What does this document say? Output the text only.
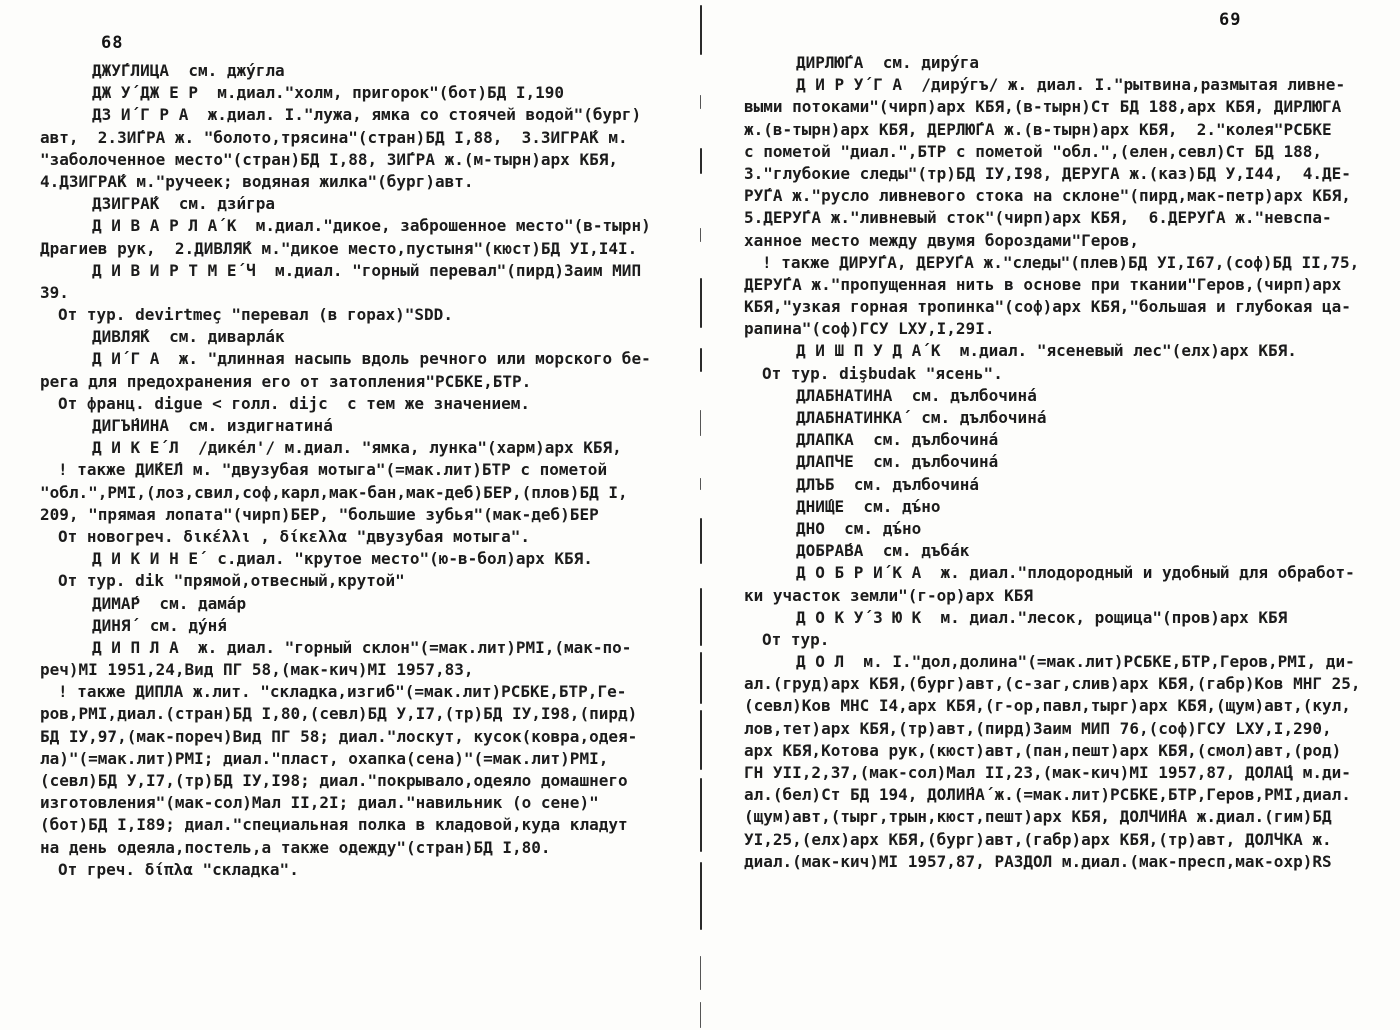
68
ДЖУ́ГЛИЦА  см. джу́гла
ДЖ У́ ДЖ Е Р  м.диал."холм, пригорок"(бот)БД I,190
ДЗ И́ Г Р А  ж.диал. I."лужа, ямка со стоячей водой"(бург)
авт,  2.ЗИ́ГРА ж. "болото,трясина"(стран)БД I,88,  3.ЗИГРА́К м.
"заболоченное место"(стран)БД I,88, ЗИ́ГРА ж.(м-тырн)арх КБЯ,
4.ДЗИГРА́К м."ручеек; водяная жилка"(бург)авт.
ДЗИГРА́К  см. дзи́гра
Д И В А Р Л А́ К  м.диал."дикое, заброшенное место"(в-тырн)
Драгиев рук,  2.ДИВЛЯ́К м."дикое место,пустыня"(кюст)БД УI,I4I.
Д И В И Р Т М Е́ Ч  м.диал. "горный перевал"(пирд)Заим МИП
39.
От тур. devirtmeç "перевал (в горах)"SDD.
ДИВЛЯ́К  см. диварла́к
Д И́ Г А  ж. "длинная насыпь вдоль речного или морского бе-
рега для предохранения его от затопления"РСБКЕ,БТР.
От франц. digue < голл. dijc  с тем же значением.
ДИГЪ́НИНА  см. издигнатина́
Д И К Е́ Л  /дике́л'/ м.диал. "ямка, лунка"(харм)арх КБЯ,
! также ДИ́КЕ́Л м. "двузубая мотыга"(=мак.лит)БТР с пометой
"обл.",РМI,(лоз,свил,соф,карл,мак-бан,мак-деб)БЕР,(плов)БД I,
209, "прямая лопата"(чирп)БЕР, "большие зубья"(мак-деб)БЕР
От новогреч. δικέλλι , δίκελλα "двузубая мотыга".
Д И К И Н Е́  с.диал. "крутое место"(ю-в-бол)арх КБЯ.
От тур. dik "прямой,отвесный,крутой"
ДИМА́Р  см. дама́р
ДИНЯ́  см. ду́ня́
Д И П Л А  ж. диал. "горный склон"(=мак.лит)РМI,(мак-по-
реч)МI 1951,24,Вид ПГ 58,(мак-кич)МI 1957,83,
! также ДИПЛА ж.лит. "складка,изгиб"(=мак.лит)РСБКЕ,БТР,Ге-
ров,РМI,диал.(стран)БД I,80,(севл)БД У,I7,(тр)БД IУ,I98,(пирд)
БД IУ,97,(мак-пореч)Вид ПГ 58; диал."лоскут, кусок(ковра,одея-
ла)"(=мак.лит)РМI; диал."пласт, охапка(сена)"(=мак.лит)РМI,
(севл)БД У,I7,(тр)БД IУ,I98; диал."покрывало,одеяло домашнего
изготовления"(мак-сол)Мал II,2I; диал."навильник (о сене)"
(бот)БД I,I89; диал."специальная полка в кладовой,куда кладут
на день одеяла,постель,а также одежду"(стран)БД I,80.
От греч. δίπλα "складка".
69
ДИРЛЮ́ГА  см. диру́га
Д И Р У́ Г А  /диру́гъ/ ж. диал. I."рытвина,размытая ливне-
выми потоками"(чирп)арх КБЯ,(в-тырн)Ст БД 188,арх КБЯ, ДИРЛЮГА
ж.(в-тырн)арх КБЯ, ДЕРЛЮ́ГА ж.(в-тырн)арх КБЯ,  2."колея"РСБКЕ
с пометой "диал.",БТР с пометой "обл.",(елен,севл)Ст БД 188,
3."глубокие следы"(тр)БД IУ,I98, ДЕРУГА ж.(каз)БД У,I44,  4.ДЕ-
РУ́ГА ж."русло ливневого стока на склоне"(пирд,мак-петр)арх КБЯ,
5.ДЕРУ́ГА ж."ливневый сток"(чирп)арх КБЯ,  6.ДЕРУ́ГА ж."невспа-
ханное место между двумя бороздами"Геров,
! также ДИРУ́ГА, ДЕРУ́ГА ж."следы"(плев)БД УI,I67,(соф)БД II,75,
ДЕРУ́ГА ж."пропущенная нить в основе при ткании"Геров,(чирп)арх
КБЯ,"узкая горная тропинка"(соф)арх КБЯ,"большая и глубокая ца-
рапина"(соф)ГСУ LXУ,I,29I.
Д И Ш П У Д А́ К  м.диал. "ясеневый лес"(елх)арх КБЯ.
От тур. dişbudak "ясень".
ДЛАБНАТИНА  см. дълбочина́
ДЛАБНАТИНКА́  см. дълбочина́
ДЛАПКА  см. дълбочина́
ДЛАПЧЕ  см. дълбочина́
ДЛЪБ  см. дълбочина́
ДНИ́ЩЕ  см. дъ́но
ДНО  см. дъ́но
ДОБРА́ВА  см. дъба́к
Д О Б Р И́ К А  ж. диал."плодородный и удобный для обработ-
ки участок земли"(г-ор)арх КБЯ
Д О К У́ З Ю К  м. диал."лесок, рощица"(пров)арх КБЯ
От тур.
Д О Л  м. I."дол,долина"(=мак.лит)РСБКЕ,БТР,Геров,РМI, ди-
ал.(груд)арх КБЯ,(бург)авт,(с-заг,слив)арх КБЯ,(габр)Ков МНГ 25,
(севл)Ков МНС I4,арх КБЯ,(г-ор,павл,тырг)арх КБЯ,(щум)авт,(кул,
лов,тет)арх КБЯ,(тр)авт,(пирд)Заим МИП 76,(соф)ГСУ LXУ,I,290,
арх КБЯ,Котова рук,(кюст)авт,(пан,пешт)арх КБЯ,(смол)авт,(род)
ГН УII,2,37,(мак-сол)Мал II,23,(мак-кич)МI 1957,87, ДОЛА́Ц м.ди-
ал.(бел)Ст БД 194, ДОЛИ́НА́ ж.(=мак.лит)РСБКЕ,БТР,Геров,РМI,диал.
(щум)авт,(тырг,трын,кюст,пешт)арх КБЯ, ДОЛЧИ́НА ж.диал.(гим)БД
УI,25,(елх)арх КБЯ,(бург)авт,(габр)арх КБЯ,(тр)авт, ДОЛЧКА ж.
диал.(мак-кич)МI 1957,87, РАЗДОЛ м.диал.(мак-пресп,мак-охр)RS
